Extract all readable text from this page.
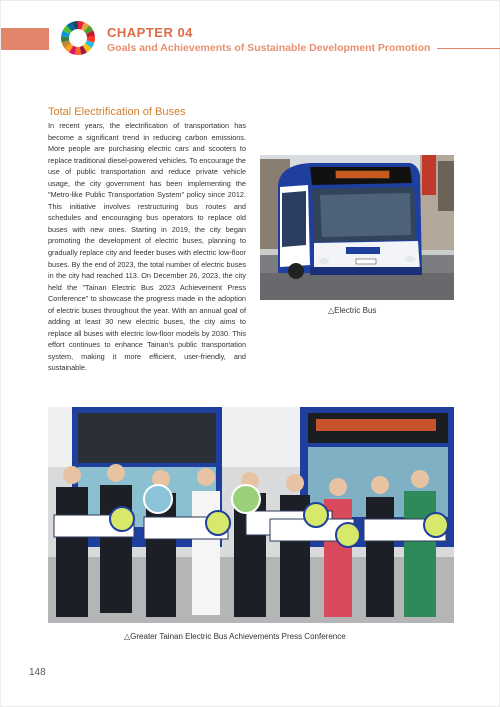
CHAPTER 04
Goals and Achievements of Sustainable Development Promotion
Total Electrification of Buses

In recent years, the electrification of transportation has become a significant trend in reducing carbon emissions. More people are purchasing electric cars and scooters to replace traditional diesel-powered vehicles. To encourage the use of public transportation and reduce private vehicle usage, the city government has been implementing the "Metro-like Public Transportation System" policy since 2012. This initiative involves restructuring bus routes and schedules and encouraging bus operators to replace old buses with new ones. Starting in 2019, the city began promoting the development of electric buses, planning to gradually replace city and feeder buses with electric low-floor buses. By the end of 2023, the total number of electric buses in the city had reached 113. On December 26, 2023, the city held the "Tainan Electric Bus 2023 Achievement Press Conference" to showcase the progress made in the adoption of electric buses throughout the year. With an annual goal of adding at least 30 new electric buses, the city aims to replace all buses with electric low-floor models by 2030. This effort continues to enhance Tainan's public transportation system, making it more efficient, user-friendly, and sustainable.

△Electric Bus
△Greater Tainan Electric Bus Achievements Press Conference
148
